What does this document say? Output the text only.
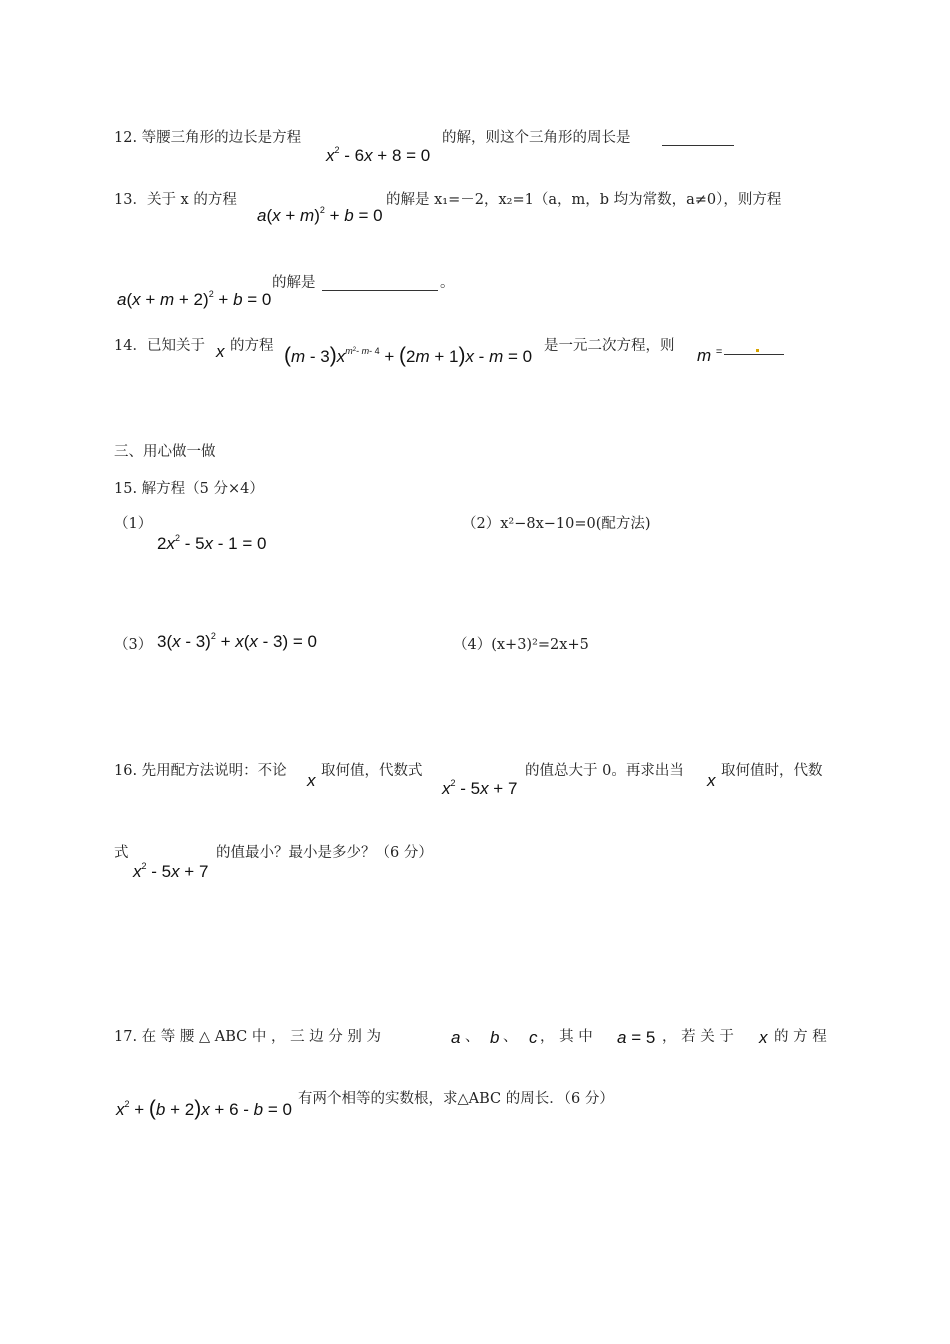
12. 等腰三角形的边长是方程
$x^2 - 6x + 8 = 0$
的解，则这个三角形的周长是
13．关于 x 的方程
$a(x + m)^2 + b = 0$
的解是 x₁=－2，x₂=1（a，m，b 均为常数，a≠0），则方程
$a(x + m + 2)^2 + b = 0$
的解是	。
14．已知关于 x 的方程 $(m - 3)x^{m^2- m- 4} + (2m + 1)x - m = 0$
是一元二次方程，则 m =
三、用心做一做
15. 解方程（5 分×4）
（1）
$2x^2 - 5x - 1 = 0$
（2）x²−8x−10=0(配方法)
（3） 3(x - 3)$^2$ + x(x - 3) = 0	（4）(x+3)²=2x+5
16. 先用配方法说明：不论 x 取何值，代数式
$x^2 - 5x + 7$
的值总大于 0。再求出当 x 取何值时，代数
式
$x^2 - 5x + 7$
的值最小？最小是多少？（6 分）
17. 在 等 腰 △ ABC 中 ， 三 边 分 别 为	a 、 b 、 c ， 其 中 a = 5 ， 若 关 于 x 的 方 程
$x^2 + (b + 2)x + 6 - b = 0$
有两个相等的实数根，求△ABC 的周长．（6 分）
